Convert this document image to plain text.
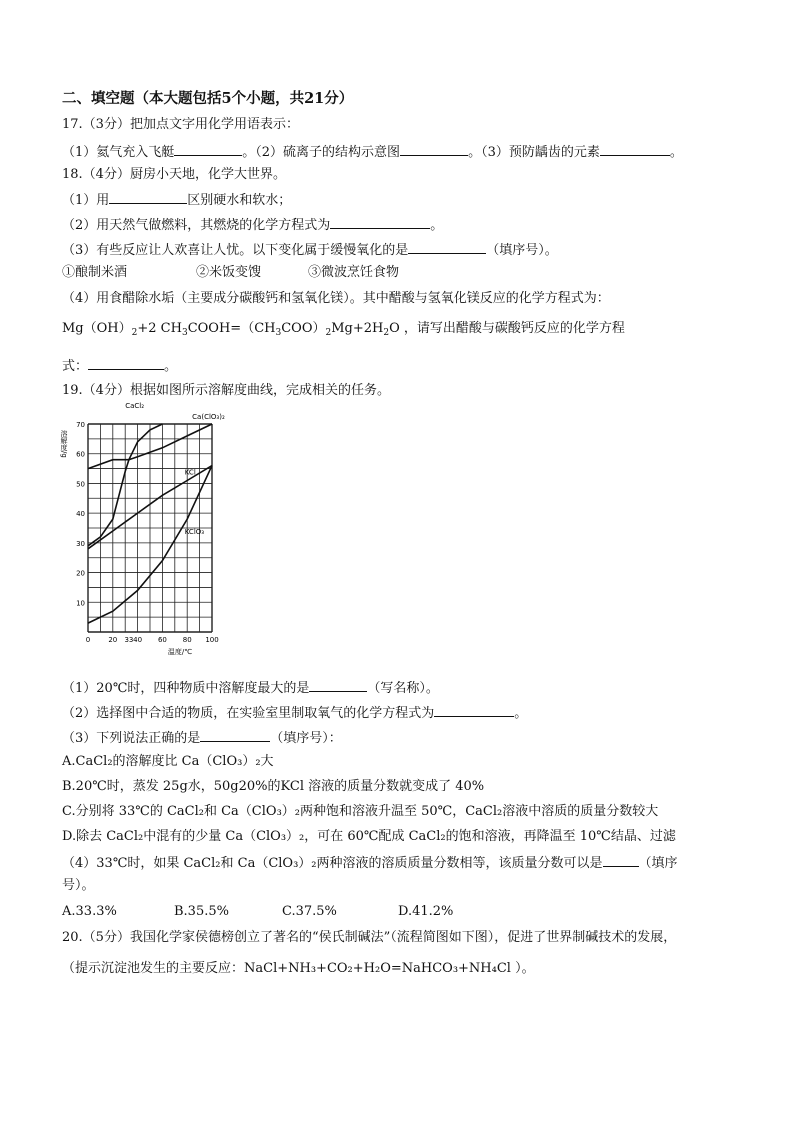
二、填空题（本大题包括5个小题，共21分）
17.（3分）把加点文字用化学用语表示：
（1）氦气充入飞艇	。（2）硫离子的结构示意图	。（3）预防龋齿的元素	。
18.（4分）厨房小天地，化学大世界。
（1）用	区别硬水和软水；
（2）用天然气做燃料，其燃烧的化学方程式为	。
（3）有些反应让人欢喜让人忧。以下变化属于缓慢氧化的是	（填序号）。
①酿制米酒	②米饭变馊	③微波烹饪食物
（4）用食醋除水垢（主要成分碳酸钙和氢氧化镁）。其中醋酸与氢氧化镁反应的化学方程式为：
$Mg(OH)_2+2$ $CH_3COOH=(CH_3COO)_2Mg+2H_2O$ ，请写出醋酸与碳酸钙反应的化学方程
式：	。
19.（4分）根据如图所示溶解度曲线，完成相关的任务。
CaCl₂
Ca(ClO₃)₂
KCl
KClO₃
0	20 33 40 60 80 100
10
20
30
40
50
60
70
温度/℃
溶解度/g
（1）20℃时，四种物质中溶解度最大的是	（写名称）。
（2）选择图中合适的物质，在实验室里制取氧气的化学方程式为	。
（3）下列说法正确的是	（填序号）：
A.CaCl₂的溶解度比 Ca（ClO₃）₂大
B.20℃时，蒸发 25g水，50g20%的KCl 溶液的质量分数就变成了 40%
C.分别将 33℃的 CaCl₂和 Ca（ClO₃）₂两种饱和溶液升温至 50℃，CaCl₂溶液中溶质的质量分数较大
D.除去 CaCl₂中混有的少量 Ca（ClO₃）₂，可在 60℃配成 CaCl₂的饱和溶液，再降温至 10℃结晶、过滤
（4）33℃时，如果 CaCl₂和 Ca（ClO₃）₂两种溶液的溶质质量分数相等，该质量分数可以是	（填序
号）。
A.33.3%	B.35.5%	C.37.5%	D.41.2%
20.（5分）我国化学家侯德榜创立了著名的“侯氏制碱法”（流程简图如下图），促进了世界制碱技术的发展，
（提示沉淀池发生的主要反应：NaCl+NH₃+CO₂+H₂O=NaHCO₃+NH₄Cl ）。
